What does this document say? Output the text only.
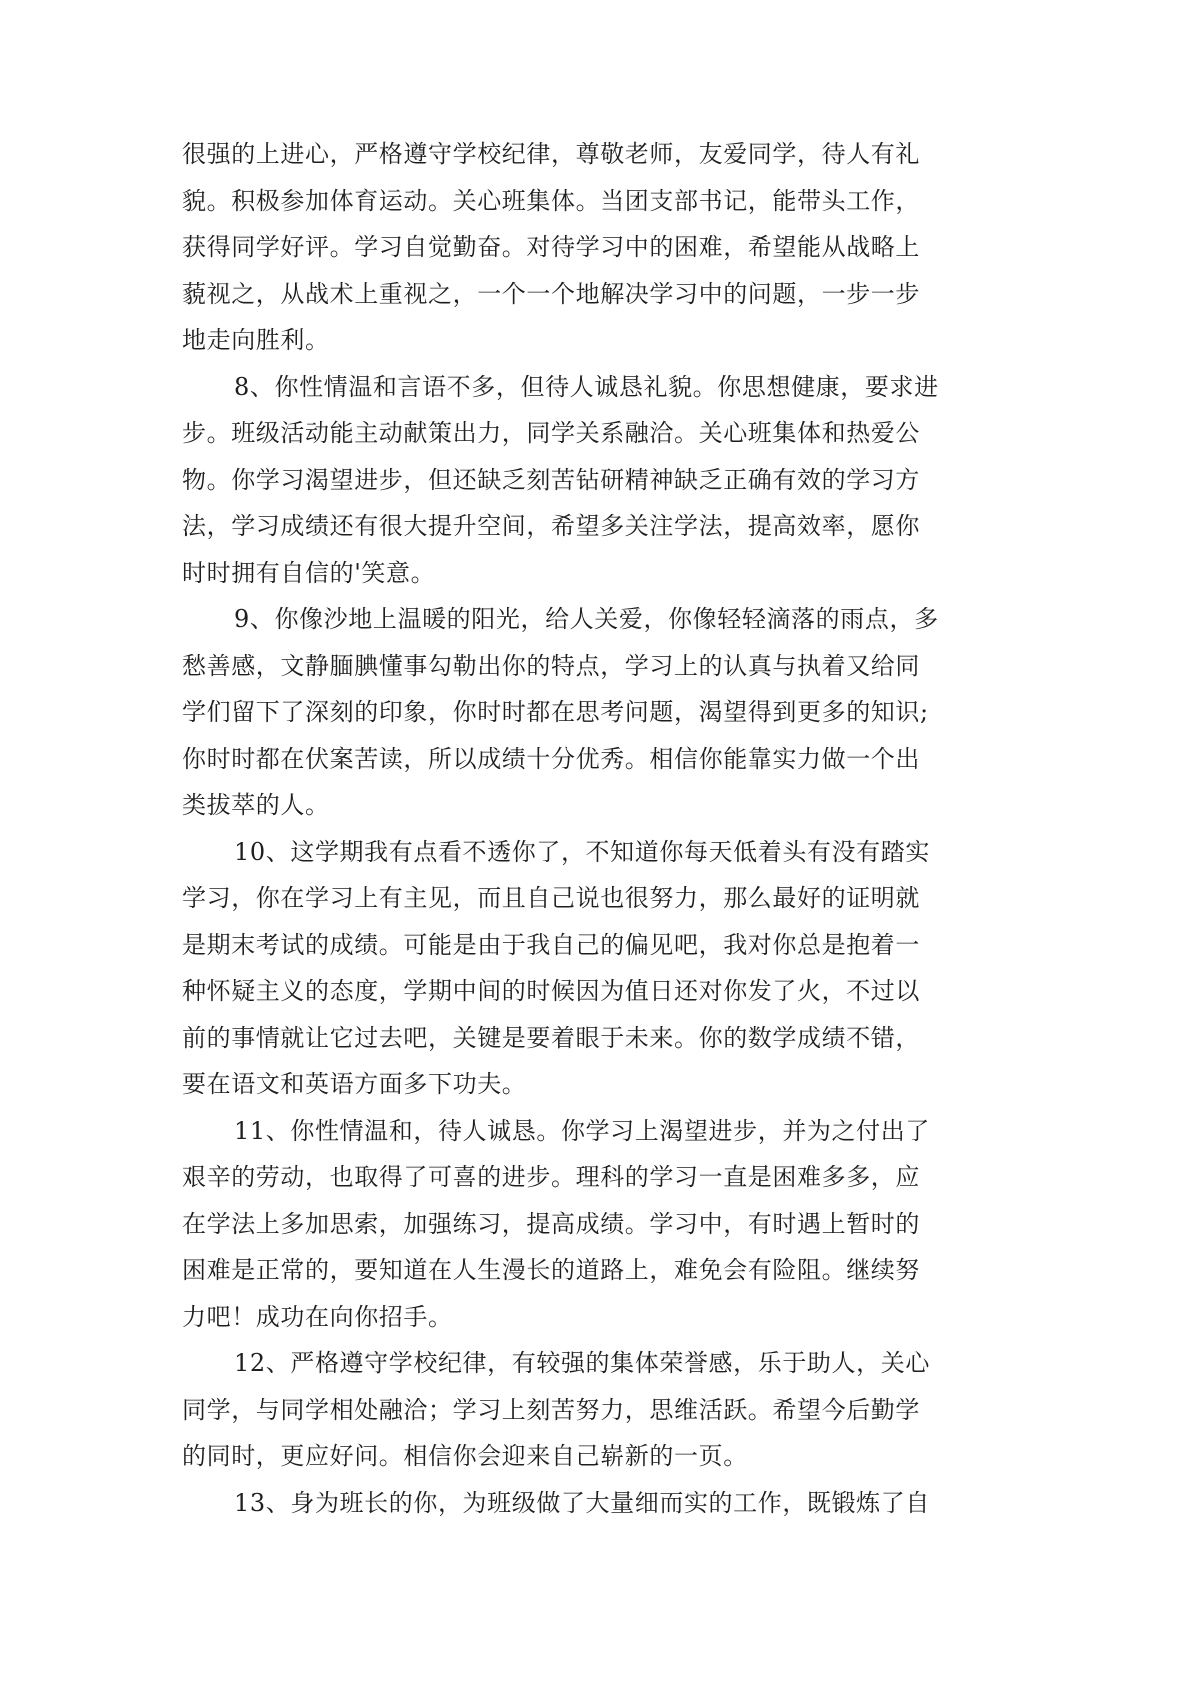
很强的上进心，严格遵守学校纪律，尊敬老师，友爱同学，待人有礼
貌。积极参加体育运动。关心班集体。当团支部书记，能带头工作，
获得同学好评。学习自觉勤奋。对待学习中的困难，希望能从战略上
藐视之，从战术上重视之，一个一个地解决学习中的问题，一步一步
地走向胜利。
8、你性情温和言语不多，但待人诚恳礼貌。你思想健康，要求进
步。班级活动能主动献策出力，同学关系融洽。关心班集体和热爱公
物。你学习渴望进步，但还缺乏刻苦钻研精神缺乏正确有效的学习方
法，学习成绩还有很大提升空间，希望多关注学法，提高效率，愿你
时时拥有自信的'笑意。
9、你像沙地上温暖的阳光，给人关爱，你像轻轻滴落的雨点，多
愁善感，文静腼腆懂事勾勒出你的特点，学习上的认真与执着又给同
学们留下了深刻的印象，你时时都在思考问题，渴望得到更多的知识;
你时时都在伏案苦读，所以成绩十分优秀。相信你能靠实力做一个出
类拔萃的人。
10、这学期我有点看不透你了，不知道你每天低着头有没有踏实
学习，你在学习上有主见，而且自己说也很努力，那么最好的证明就
是期末考试的成绩。可能是由于我自己的偏见吧，我对你总是抱着一
种怀疑主义的态度，学期中间的时候因为值日还对你发了火，不过以
前的事情就让它过去吧，关键是要着眼于未来。你的数学成绩不错，
要在语文和英语方面多下功夫。
11、你性情温和，待人诚恳。你学习上渴望进步，并为之付出了
艰辛的劳动，也取得了可喜的进步。理科的学习一直是困难多多，应
在学法上多加思索，加强练习，提高成绩。学习中，有时遇上暂时的
困难是正常的，要知道在人生漫长的道路上，难免会有险阻。继续努
力吧！成功在向你招手。
12、严格遵守学校纪律，有较强的集体荣誉感，乐于助人，关心
同学，与同学相处融洽；学习上刻苦努力，思维活跃。希望今后勤学
的同时，更应好问。相信你会迎来自己崭新的一页。
13、身为班长的你，为班级做了大量细而实的工作，既锻炼了自
